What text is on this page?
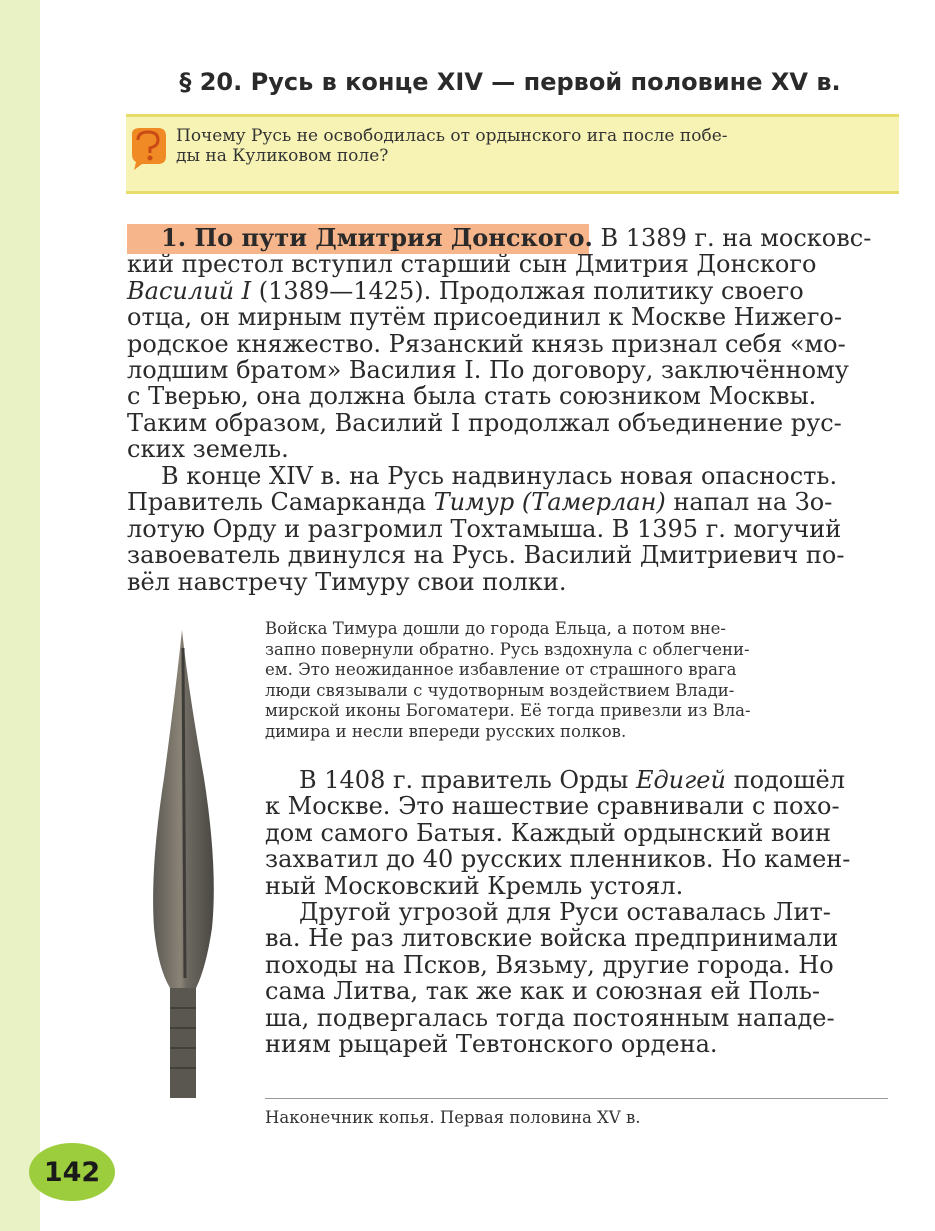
§ 20. Русь в конце XIV — первой половине XV в.
Почему Русь не освободилась от ордынского ига после побе-
ды на Куликовом поле?
1. По пути Дмитрия Донского. В 1389 г. на московс-
кий престол вступил старший сын Дмитрия Донского
Василий I (1389—1425). Продолжая политику своего
отца, он мирным путём присоединил к Москве Нижего-
родское княжество. Рязанский князь признал себя «мо-
лодшим братом» Василия I. По договору, заключённому
с Тверью, она должна была стать союзником Москвы.
Таким образом, Василий I продолжал объединение рус-
ских земель.
В конце XIV в. на Русь надвинулась новая опасность.
Правитель Самарканда Тимур (Тамерлан) напал на Зо-
лотую Орду и разгромил Тохтамыша. В 1395 г. могучий
завоеватель двинулся на Русь. Василий Дмитриевич по-
вёл навстречу Тимуру свои полки.
Войска Тимура дошли до города Ельца, а потом вне-
запно повернули обратно. Русь вздохнула с облегчени-
ем. Это неожиданное избавление от страшного врага
люди связывали с чудотворным воздействием Влади-
мирской иконы Богоматери. Её тогда привезли из Вла-
димира и несли впереди русских полков.
В 1408 г. правитель Орды Едигей подошёл
к Москве. Это нашествие сравнивали с похо-
дом самого Батыя. Каждый ордынский воин
захватил до 40 русских пленников. Но камен-
ный Московский Кремль устоял.
Другой угрозой для Руси оставалась Лит-
ва. Не раз литовские войска предпринимали
походы на Псков, Вязьму, другие города. Но
сама Литва, так же как и союзная ей Поль-
ша, подвергалась тогда постоянным нападе-
ниям рыцарей Тевтонского ордена.
Наконечник копья. Первая половина XV в.
142
